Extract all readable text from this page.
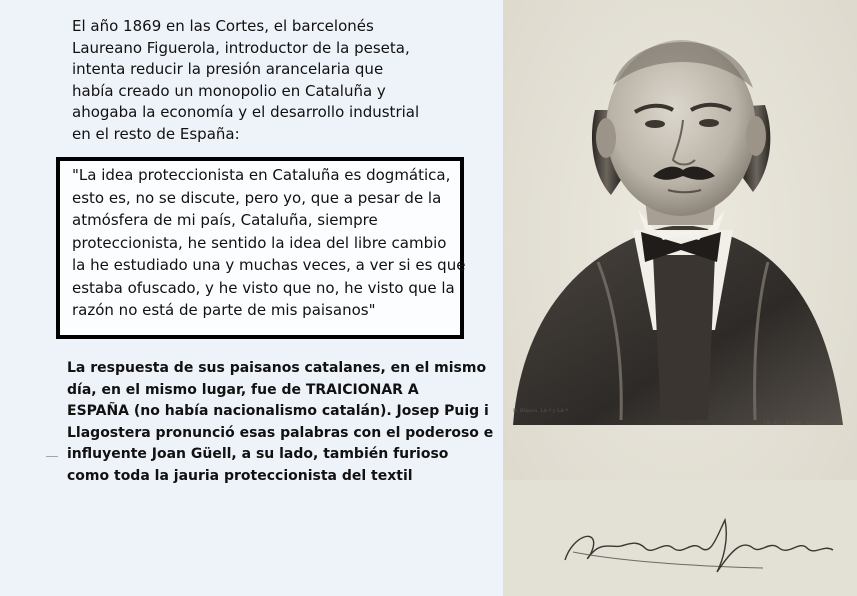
El año 1869 en las Cortes, el barcelonés
Laureano Figuerola, introductor de la peseta,
intenta reducir la presión arancelaria que
había creado un monopolio en Cataluña y
ahogaba la economía y el desarrollo industrial
en el resto de España:
"La idea proteccionista en Cataluña es dogmática,
esto es, no se discute, pero yo, que a pesar de la
atmósfera de mi país, Cataluña, siempre
proteccionista, he sentido la idea del libre cambio
la he estudiado una y muchas veces, a ver si es que
estaba ofuscado, y he visto que no, he visto que la
razón no está de parte de mis paisanos"
La respuesta de sus paisanos catalanes, en el mismo
día, en el mismo lugar, fue de TRAICIONAR A
ESPAÑA (no había nacionalismo catalán). Josep Puig i
Llagostera pronunció esas palabras con el poderoso e
influyente Joan Güell, a su lado, también furioso
como toda la jauria proteccionista del textil
B. Blanco. Lit.º y Lit.º
Lit. de J. Donon. Madrid.
